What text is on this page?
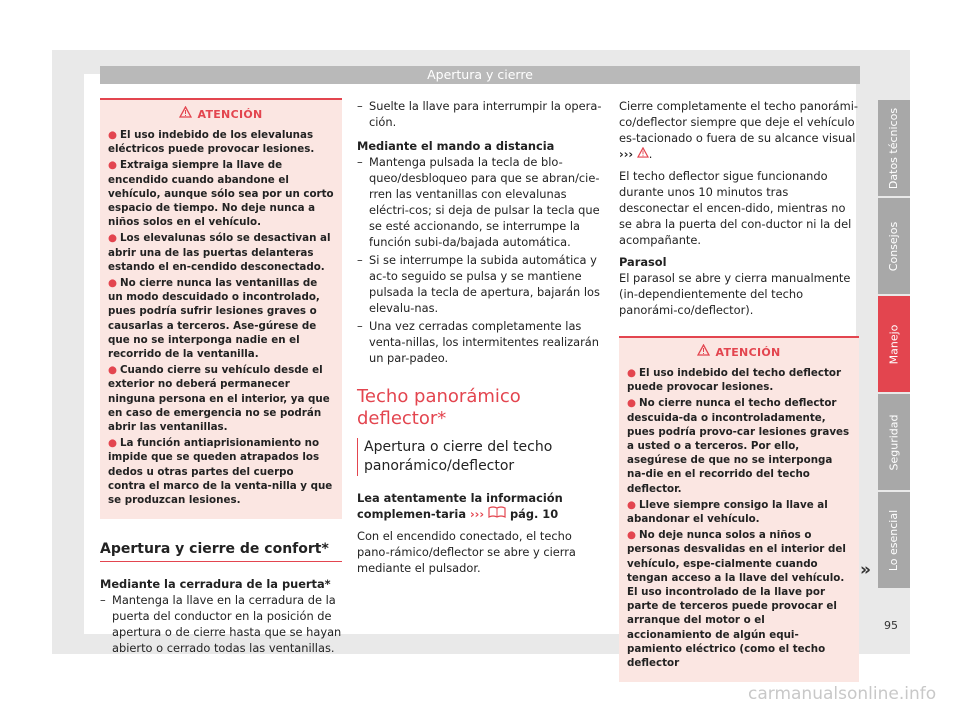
Apertura y cierre
ATENCIÓN
● El uso indebido de los elevalunas eléctricos puede provocar lesiones.
● Extraiga siempre la llave de encendido cuando abandone el vehículo, aunque sólo sea por un corto espacio de tiempo. No deje nunca a niños solos en el vehículo.
● Los elevalunas sólo se desactivan al abrir una de las puertas delanteras estando el en-cendido desconectado.
● No cierre nunca las ventanillas de un modo descuidado o incontrolado, pues podría sufrir lesiones graves o causarlas a terceros. Ase-gúrese de que no se interponga nadie en el recorrido de la ventanilla.
● Cuando cierre su vehículo desde el exterior no deberá permanecer ninguna persona en el interior, ya que en caso de emergencia no se podrán abrir las ventanillas.
● La función antiaprisionamiento no impide que se queden atrapados los dedos u otras partes del cuerpo contra el marco de la venta-nilla y que se produzcan lesiones.
Apertura y cierre de confort*

Mediante la cerradura de la puerta*

– Mantenga la llave en la cerradura de la puerta del conductor en la posición de apertura o de cierre hasta que se hayan abierto o cerrado todas las ventanillas.
– Suelte la llave para interrumpir la opera-ción.

Mediante el mando a distancia

– Mantenga pulsada la tecla de blo-queo/desbloqueo para que se abran/cie-rren las ventanillas con elevalunas eléctri-cos; si deja de pulsar la tecla que se esté accionando, se interrumpe la función subi-da/bajada automática.
– Si se interrumpe la subida automática y ac-to seguido se pulsa y se mantiene pulsada la tecla de apertura, bajarán los elevalu-nas.
– Una vez cerradas completamente las venta-nillas, los intermitentes realizarán un par-padeo.
Techo panorámico deflector*
Apertura o cierre del techo panorámico/deflector

Lea atentamente la información complemen-taria ››› pág. 10

Con el encendido conectado, el techo pano-rámico/deflector se abre y cierra mediante el pulsador.

Cierre completamente el techo panorámi-co/deflector siempre que deje el vehículo es-tacionado o fuera de su alcance visual ››› .

El techo deflector sigue funcionando durante unos 10 minutos tras desconectar el encen-dido, mientras no se abra la puerta del con-ductor ni la del acompañante.

Parasol

El parasol se abre y cierra manualmente (in-dependientemente del techo panorámi-co/deflector).

ATENCIÓN
● El uso indebido del techo deflector puede provocar lesiones.
● No cierre nunca el techo deflector descuida-da o incontroladamente, pues podría provo-car lesiones graves a usted o a terceros. Por ello, asegúrese de que no se interponga na-die en el recorrido del techo deflector.
● Lleve siempre consigo la llave al abandonar el vehículo.
● No deje nunca solos a niños o personas desvalidas en el interior del vehículo, espe-cialmente cuando tengan acceso a la llave del vehículo. El uso incontrolado de la llave por parte de terceros puede provocar el arranque del motor o el accionamiento de algún equi-pamiento eléctrico (como el techo deflector
»
Datos técnicos
Consejos
Manejo
Seguridad
Lo esencial
95
carmanualsonline.info
